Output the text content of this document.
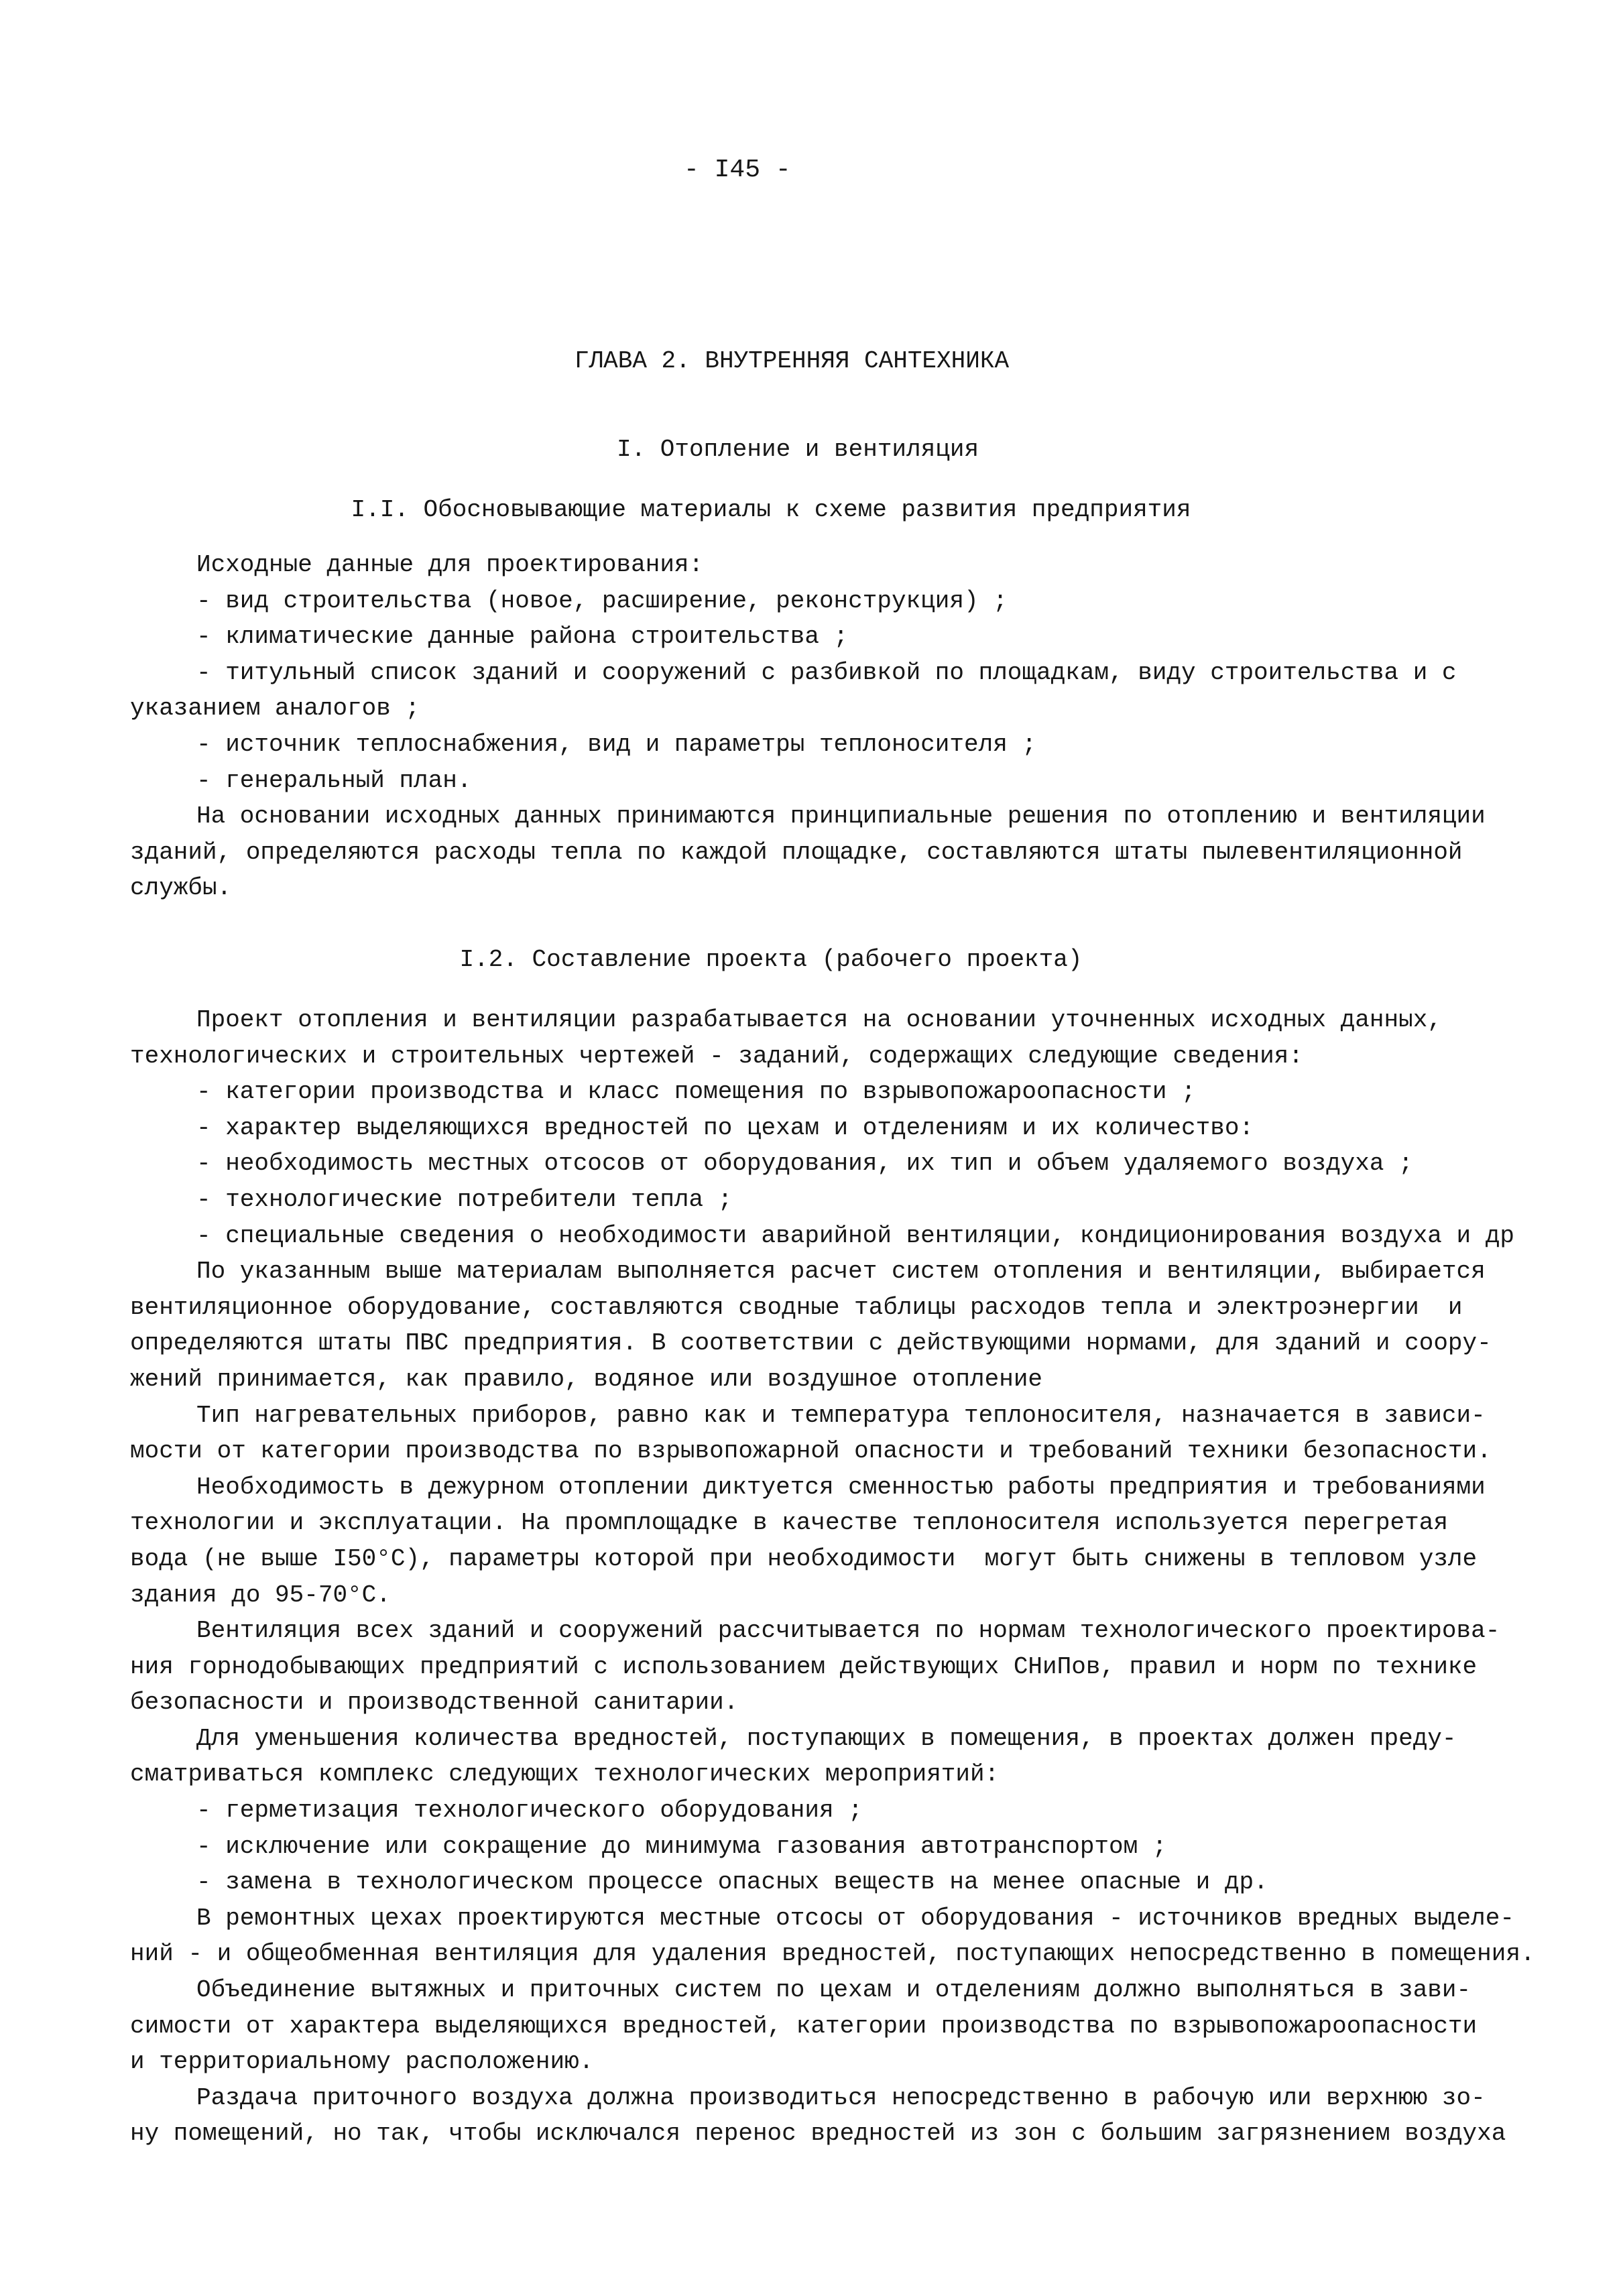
- I45 -
ГЛАВА 2. ВНУТРЕННЯЯ САНТЕХНИКА
I. Отопление и вентиляция
I.I. Обосновывающие материалы к схеме развития предприятия
Исходные данные для проектирования:
- вид строительства (новое, расширение, реконструкция) ;
- климатические данные района строительства ;
- титульный список зданий и сооружений с разбивкой по площадкам, виду строительства и с
указанием аналогов ;
- источник теплоснабжения, вид и параметры теплоносителя ;
- генеральный план.
На основании исходных данных принимаются принципиальные решения по отоплению и вентиляции
зданий, определяются расходы тепла по каждой площадке, составляются штаты пылевентиляционной
службы.
I.2. Составление проекта (рабочего проекта)
Проект отопления и вентиляции разрабатывается на основании уточненных исходных данных,
технологических и строительных чертежей - заданий, содержащих следующие сведения:
- категории производства и класс помещения по взрывопожароопасности ;
- характер выделяющихся вредностей по цехам и отделениям и их количество:
- необходимость местных отсосов от оборудования, их тип и объем удаляемого воздуха ;
- технологические потребители тепла ;
- специальные сведения о необходимости аварийной вентиляции, кондиционирования воздуха и др
По указанным выше материалам выполняется расчет систем отопления и вентиляции, выбирается
вентиляционное оборудование, составляются сводные таблицы расходов тепла и электроэнергии  и
определяются штаты ПВС предприятия. В соответствии с действующими нормами, для зданий и соору-
жений принимается, как правило, водяное или воздушное отопление
Тип нагревательных приборов, равно как и температура теплоносителя, назначается в зависи-
мости от категории производства по взрывопожарной опасности и требований техники безопасности.
Необходимость в дежурном отоплении диктуется сменностью работы предприятия и требованиями
технологии и эксплуатации. На промплощадке в качестве теплоносителя используется перегретая
вода (не выше I50°C), параметры которой при необходимости  могут быть снижены в тепловом узле
здания до 95-70°C.
Вентиляция всех зданий и сооружений рассчитывается по нормам технологического проектирова-
ния горнодобывающих предприятий с использованием действующих СНиПов, правил и норм по технике
безопасности и производственной санитарии.
Для уменьшения количества вредностей, поступающих в помещения, в проектах должен преду-
сматриваться комплекс следующих технологических мероприятий:
- герметизация технологического оборудования ;
- исключение или сокращение до минимума газования автотранспортом ;
- замена в технологическом процессе опасных веществ на менее опасные и др.
В ремонтных цехах проектируются местные отсосы от оборудования - источников вредных выделе-
ний - и общеобменная вентиляция для удаления вредностей, поступающих непосредственно в помещения.
Объединение вытяжных и приточных систем по цехам и отделениям должно выполняться в зави-
симости от характера выделяющихся вредностей, категории производства по взрывопожароопасности
и территориальному расположению.
Раздача приточного воздуха должна производиться непосредственно в рабочую или верхнюю зо-
ну помещений, но так, чтобы исключался перенос вредностей из зон с большим загрязнением воздуха
